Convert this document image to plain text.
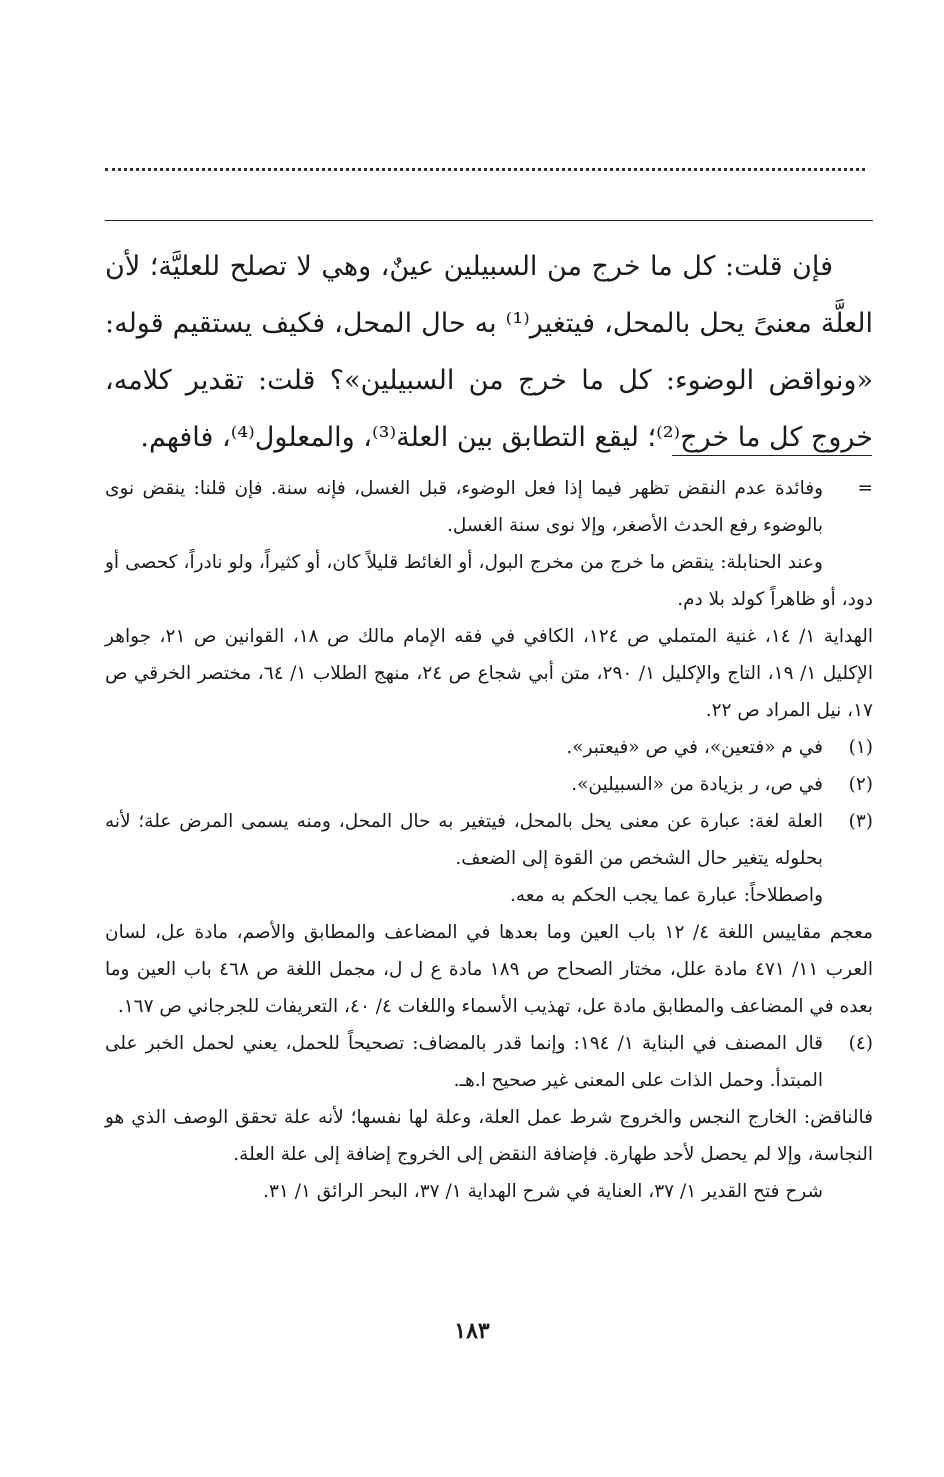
فإن قلت: كل ما خرج من السبيلين عينٌ، وهي لا تصلح للعليَّة؛ لأن العلَّة معنىً يحل بالمحل، فيتغير⁽¹⁾ به حال المحل، فكيف يستقيم قوله: «ونواقض الوضوء: كل ما خرج من السبيلين»؟ قلت: تقدير كلامه، خروج كل ما خرج⁽²⁾؛ ليقع التطابق بين العلة⁽³⁾، والمعلول⁽⁴⁾، فافهم.

=

وفائدة عدم النقض تظهر فيما إذا فعل الوضوء، قبل الغسل، فإنه سنة. فإن قلنا: ينقض نوى بالوضوء رفع الحدث الأصغر، وإلا نوى سنة الغسل.

وعند الحنابلة: ينقض ما خرج من مخرج البول، أو الغائط قليلاً كان، أو كثيراً، ولو نادراً، كحصى أو دود، أو ظاهراً كولد بلا دم.

الهداية ١/ ١٤، غنية المتملي ص ١٢٤، الكافي في فقه الإمام مالك ص ١٨، القوانين ص ٢١، جواهر الإكليل ١/ ١٩، التاج والإكليل ١/ ٢٩٠، متن أبي شجاع ص ٢٤، منهج الطلاب ١/ ٦٤، مختصر الخرقي ص ١٧، نيل المراد ص ٢٢.

(١)

في م «فتعين»، في ص «فيعتبر».

(٢)

في ص، ر بزيادة من «السبيلين».

(٣)

العلة لغة: عبارة عن معنى يحل بالمحل، فيتغير به حال المحل، ومنه يسمى المرض علة؛ لأنه بحلوله يتغير حال الشخص من القوة إلى الضعف.

واصطلاحاً: عبارة عما يجب الحكم به معه.

معجم مقاييس اللغة ٤/ ١٢ باب العين وما بعدها في المضاعف والمطابق والأصم، مادة عل، لسان العرب ١١/ ٤٧١ مادة علل، مختار الصحاح ص ١٨٩ مادة ع ل ل، مجمل اللغة ص ٤٦٨ باب العين وما بعده في المضاعف والمطابق مادة عل، تهذيب الأسماء واللغات ٤/ ٤٠، التعريفات للجرجاني ص ١٦٧.

(٤)

قال المصنف في البناية ١/ ١٩٤: وإنما قدر بالمضاف: تصحيحاً للحمل، يعني لحمل الخبر على المبتدأ. وحمل الذات على المعنى غير صحيح ا.هـ.

فالناقض: الخارج النجس والخروج شرط عمل العلة، وعلة لها نفسها؛ لأنه علة تحقق الوصف الذي هو النجاسة، وإلا لم يحصل لأحد طهارة. فإضافة النقض إلى الخروج إضافة إلى علة العلة.

شرح فتح القدير ١/ ٣٧، العناية في شرح الهداية ١/ ٣٧، البحر الرائق ١/ ٣١.

١٨٣
